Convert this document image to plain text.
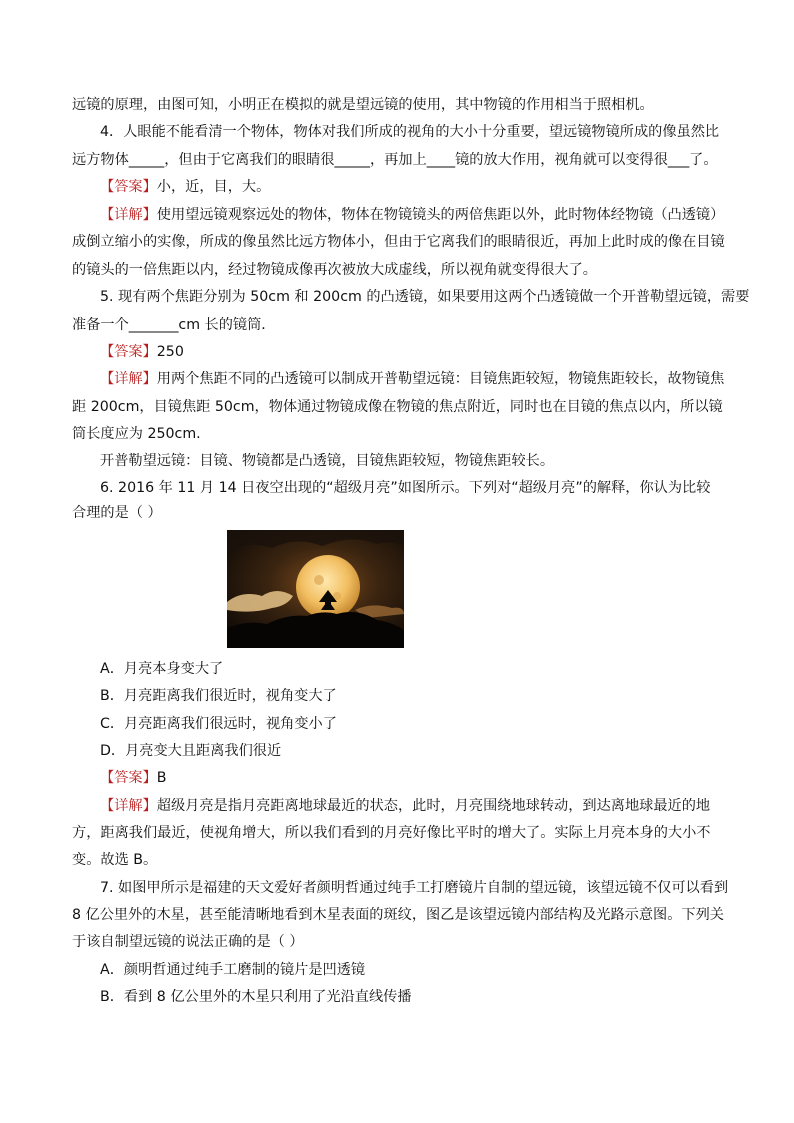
远镜的原理，由图可知，小明正在模拟的就是望远镜的使用，其中物镜的作用相当于照相机。
4．人眼能不能看清一个物体，物体对我们所成的视角的大小十分重要，望远镜物镜所成的像虽然比
远方物体_____，但由于它离我们的眼睛很_____，再加上____镜的放大作用，视角就可以变得很___了。
【答案】小，近，目，大。
【详解】使用望远镜观察远处的物体，物体在物镜镜头的两倍焦距以外，此时物体经物镜（凸透镜）
成倒立缩小的实像，所成的像虽然比远方物体小，但由于它离我们的眼睛很近，再加上此时成的像在目镜
的镜头的一倍焦距以内，经过物镜成像再次被放大成虚线，所以视角就变得很大了。
5. 现有两个焦距分别为 50cm 和 200cm 的凸透镜，如果要用这两个凸透镜做一个开普勒望远镜，需要
准备一个_______cm 长的镜筒．
【答案】250
【详解】用两个焦距不同的凸透镜可以制成开普勒望远镜：目镜焦距较短，物镜焦距较长，故物镜焦
距 200cm，目镜焦距 50cm，物体通过物镜成像在物镜的焦点附近，同时也在目镜的焦点以内，所以镜
筒长度应为 250cm.
开普勒望远镜：目镜、物镜都是凸透镜，目镜焦距较短，物镜焦距较长。
6. 2016 年 11 月 14 日夜空出现的“超级月亮”如图所示。下列对“超级月亮”的解释，你认为比较
合理的是（ ）
A．月亮本身变大了
B．月亮距离我们很近时，视角变大了
C．月亮距离我们很远时，视角变小了
D．月亮变大且距离我们很近
【答案】B
【详解】超级月亮是指月亮距离地球最近的状态，此时，月亮围绕地球转动，到达离地球最近的地
方，距离我们最近，使视角增大，所以我们看到的月亮好像比平时的增大了。实际上月亮本身的大小不
变。故选 B。
7. 如图甲所示是福建的天文爱好者颜明哲通过纯手工打磨镜片自制的望远镜，该望远镜不仅可以看到
8 亿公里外的木星，甚至能清晰地看到木星表面的斑纹，图乙是该望远镜内部结构及光路示意图。下列关
于该自制望远镜的说法正确的是（ ）
A．颜明哲通过纯手工磨制的镜片是凹透镜
B．看到 8 亿公里外的木星只利用了光沿直线传播
